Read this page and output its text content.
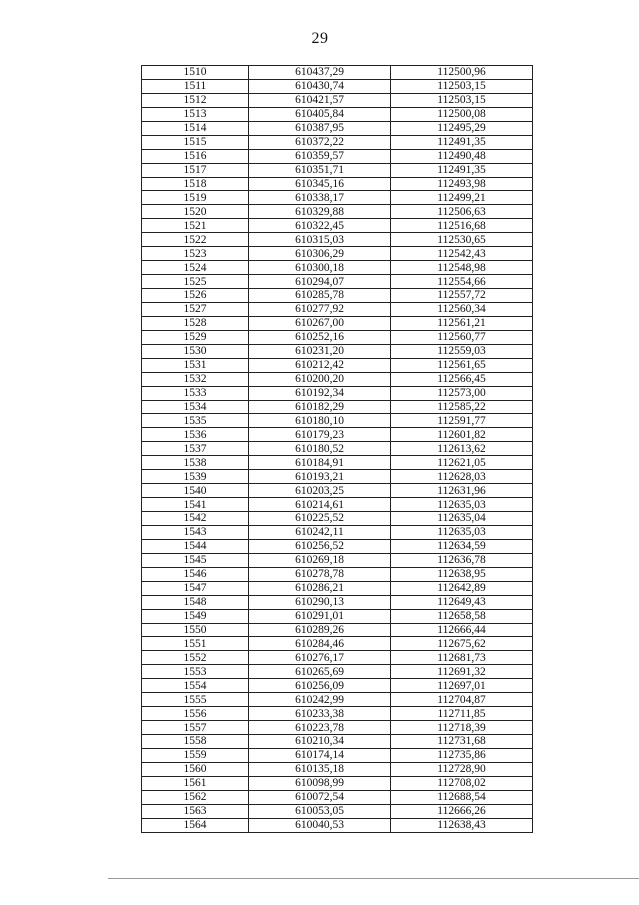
29
1510	610437,29	112500,96
1511	610430,74	112503,15
1512	610421,57	112503,15
1513	610405,84	112500,08
1514	610387,95	112495,29
1515	610372,22	112491,35
1516	610359,57	112490,48
1517	610351,71	112491,35
1518	610345,16	112493,98
1519	610338,17	112499,21
1520	610329,88	112506,63
1521	610322,45	112516,68
1522	610315,03	112530,65
1523	610306,29	112542,43
1524	610300,18	112548,98
1525	610294,07	112554,66
1526	610285,78	112557,72
1527	610277,92	112560,34
1528	610267,00	112561,21
1529	610252,16	112560,77
1530	610231,20	112559,03
1531	610212,42	112561,65
1532	610200,20	112566,45
1533	610192,34	112573,00
1534	610182,29	112585,22
1535	610180,10	112591,77
1536	610179,23	112601,82
1537	610180,52	112613,62
1538	610184,91	112621,05
1539	610193,21	112628,03
1540	610203,25	112631,96
1541	610214,61	112635,03
1542	610225,52	112635,04
1543	610242,11	112635,03
1544	610256,52	112634,59
1545	610269,18	112636,78
1546	610278,78	112638,95
1547	610286,21	112642,89
1548	610290,13	112649,43
1549	610291,01	112658,58
1550	610289,26	112666,44
1551	610284,46	112675,62
1552	610276,17	112681,73
1553	610265,69	112691,32
1554	610256,09	112697,01
1555	610242,99	112704,87
1556	610233,38	112711,85
1557	610223,78	112718,39
1558	610210,34	112731,68
1559	610174,14	112735,86
1560	610135,18	112728,90
1561	610098,99	112708,02
1562	610072,54	112688,54
1563	610053,05	112666,26
1564	610040,53	112638,43
